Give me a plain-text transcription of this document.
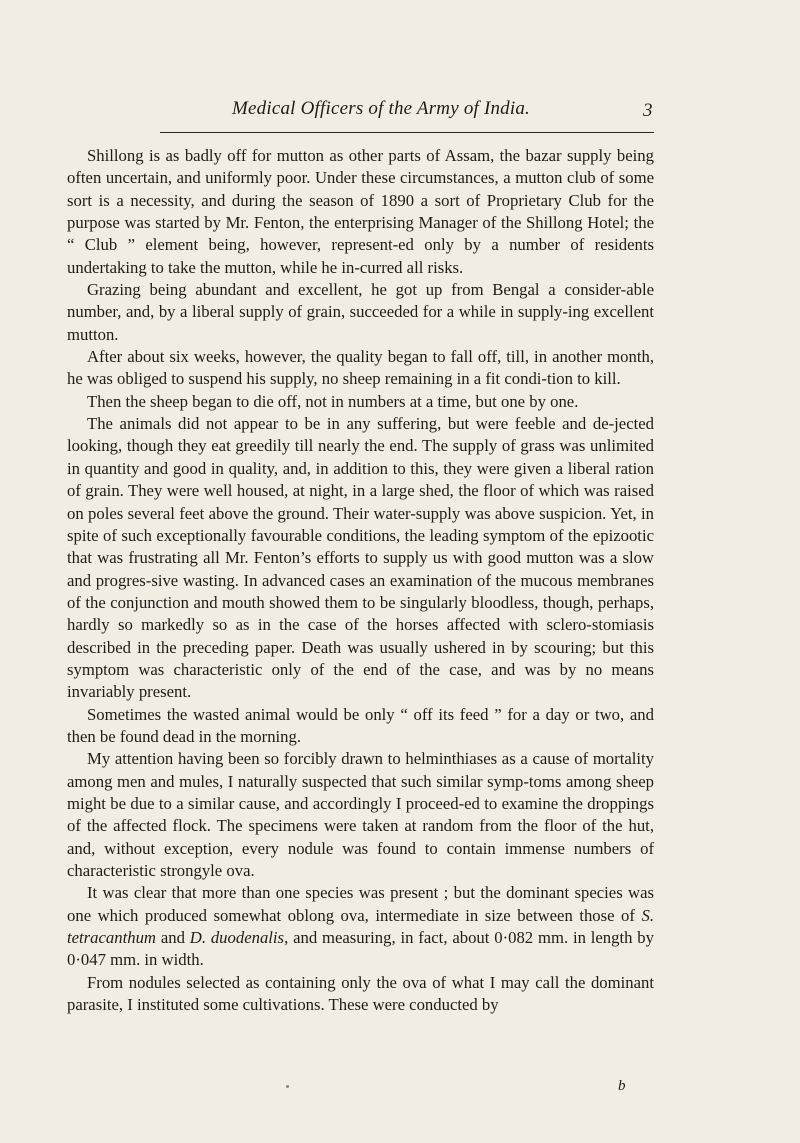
Medical Officers of the Army of India.	3

Shillong is as badly off for mutton as other parts of Assam, the bazar supply being often uncertain, and uniformly poor. Under these circumstances, a mutton club of some sort is a necessity, and during the season of 1890 a sort of Proprietary Club for the purpose was started by Mr. Fenton, the enterprising Manager of the Shillong Hotel; the “ Club ” element being, however, represent-ed only by a number of residents undertaking to take the mutton, while he in-curred all risks.

Grazing being abundant and excellent, he got up from Bengal a consider-able number, and, by a liberal supply of grain, succeeded for a while in supply-ing excellent mutton.

After about six weeks, however, the quality began to fall off, till, in another month, he was obliged to suspend his supply, no sheep remaining in a fit condi-tion to kill.

Then the sheep began to die off, not in numbers at a time, but one by one.

The animals did not appear to be in any suffering, but were feeble and de-jected looking, though they eat greedily till nearly the end. The supply of grass was unlimited in quantity and good in quality, and, in addition to this, they were given a liberal ration of grain. They were well housed, at night, in a large shed, the floor of which was raised on poles several feet above the ground. Their water-supply was above suspicion. Yet, in spite of such exceptionally favourable conditions, the leading symptom of the epizootic that was frustrating all Mr. Fenton’s efforts to supply us with good mutton was a slow and progres-sive wasting. In advanced cases an examination of the mucous membranes of the conjunction and mouth showed them to be singularly bloodless, though, perhaps, hardly so markedly so as in the case of the horses affected with sclero-stomiasis described in the preceding paper. Death was usually ushered in by scouring; but this symptom was characteristic only of the end of the case, and was by no means invariably present.

Sometimes the wasted animal would be only “ off its feed ” for a day or two, and then be found dead in the morning.

My attention having been so forcibly drawn to helminthiases as a cause of mortality among men and mules, I naturally suspected that such similar symp-toms among sheep might be due to a similar cause, and accordingly I proceed-ed to examine the droppings of the affected flock. The specimens were taken at random from the floor of the hut, and, without exception, every nodule was found to contain immense numbers of characteristic strongyle ova.

It was clear that more than one species was present ; but the dominant species was one which produced somewhat oblong ova, intermediate in size between those of S. tetracanthum and D. duodenalis, and measuring, in fact, about 0·082 mm. in length by 0·047 mm. in width.

From nodules selected as containing only the ova of what I may call the dominant parasite, I instituted some cultivations. These were conducted by

b
